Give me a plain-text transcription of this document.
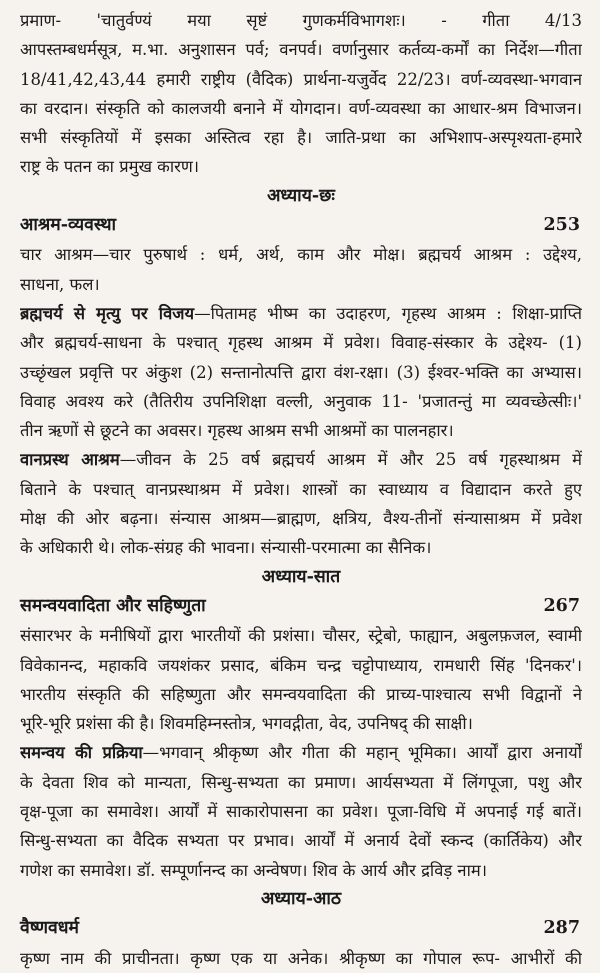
प्रमाण- 'चातुर्वण्यं मया सृष्टं गुणकर्मविभागशः। - गीता 4/13
आपस्तम्बधर्मसूत्र, म.भा. अनुशासन पर्व; वनपर्व। वर्णानुसार कर्तव्य-कर्मों का निर्देश—गीता
18/41,42,43,44 हमारी राष्ट्रीय (वैदिक) प्रार्थना-यजुर्वेद 22/23। वर्ण-व्यवस्था-भगवान
का वरदान। संस्कृति को कालजयी बनाने में योगदान। वर्ण-व्यवस्था का आधार-श्रम विभाजन।
सभी संस्कृतियों में इसका अस्तित्व रहा है। जाति-प्रथा का अभिशाप-अस्पृश्यता-हमारे
राष्ट्र के पतन का प्रमुख कारण।
अध्याय-छः
आश्रम-व्यवस्था	253
चार आश्रम—चार पुरुषार्थ : धर्म, अर्थ, काम और मोक्ष। ब्रह्मचर्य आश्रम : उद्देश्य,
साधना, फल।
ब्रह्मचर्य से मृत्यु पर विजय—पितामह भीष्म का उदाहरण, गृहस्थ आश्रम : शिक्षा-प्राप्ति
और ब्रह्मचर्य-साधना के पश्चात् गृहस्थ आश्रम में प्रवेश। विवाह-संस्कार के उद्देश्य- (1)
उच्छृंखल प्रवृत्ति पर अंकुश (2) सन्तानोत्पत्ति द्वारा वंश-रक्षा। (3) ईश्वर-भक्ति का अभ्यास।
विवाह अवश्य करे (तैतिरीय उपनिशिक्षा वल्ली, अनुवाक 11- 'प्रजातन्तुं मा व्यवच्छेत्सीः।'
तीन ऋणों से छूटने का अवसर। गृहस्थ आश्रम सभी आश्रमों का पालनहार।
वानप्रस्थ आश्रम—जीवन के 25 वर्ष ब्रह्मचर्य आश्रम में और 25 वर्ष गृहस्थाश्रम में
बिताने के पश्चात् वानप्रस्थाश्रम में प्रवेश। शास्त्रों का स्वाध्याय व विद्यादान करते हुए
मोक्ष की ओर बढ़ना। संन्यास आश्रम—ब्राह्मण, क्षत्रिय, वैश्य-तीनों संन्यासाश्रम में प्रवेश
के अधिकारी थे। लोक-संग्रह की भावना। संन्यासी-परमात्मा का सैनिक।
अध्याय-सात
समन्वयवादिता और सहिष्णुता	267
संसारभर के मनीषियों द्वारा भारतीयों की प्रशंसा। चौसर, स्ट्रेबो, फाह्यान, अबुलफ़जल, स्वामी
विवेकानन्द, महाकवि जयशंकर प्रसाद, बंकिम चन्द्र चट्टोपाध्याय, रामधारी सिंह 'दिनकर'।
भारतीय संस्कृति की सहिष्णुता और समन्वयवादिता की प्राच्य-पाश्चात्य सभी विद्वानों ने
भूरि-भूरि प्रशंसा की है। शिवमहिम्नस्तोत्र, भगवद्गीता, वेद, उपनिषद् की साक्षी।
समन्वय की प्रक्रिया—भगवान् श्रीकृष्ण और गीता की महान् भूमिका। आर्यों द्वारा अनार्यों
के देवता शिव को मान्यता, सिन्धु-सभ्यता का प्रमाण। आर्यसभ्यता में लिंगपूजा, पशु और
वृक्ष-पूजा का समावेश। आर्यों में साकारोपासना का प्रवेश। पूजा-विधि में अपनाई गई बातें।
सिन्धु-सभ्यता का वैदिक सभ्यता पर प्रभाव। आर्यों में अनार्य देवों स्कन्द (कार्तिकेय) और
गणेश का समावेश। डॉ. सम्पूर्णानन्द का अन्वेषण। शिव के आर्य और द्रविड़ नाम।
अध्याय-आठ
वैष्णवधर्म	287
कृष्ण नाम की प्राचीनता। कृष्ण एक या अनेक। श्रीकृष्ण का गोपाल रूप- आभीरों की
